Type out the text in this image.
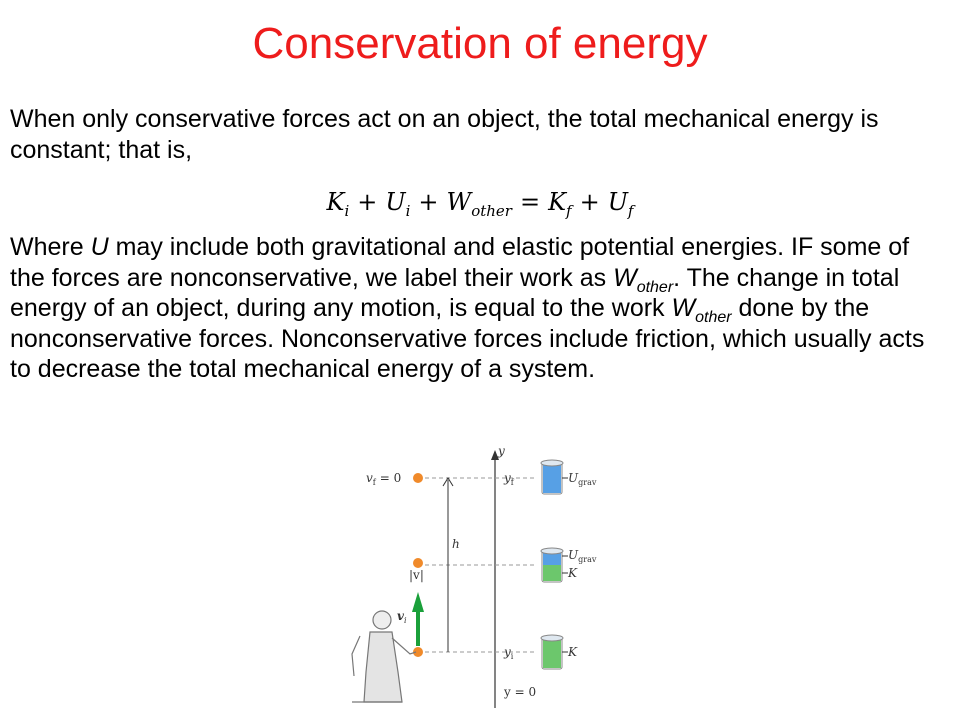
Conservation of energy
When only conservative forces act on an object, the total mechanical energy is constant; that is,
$K_i + U_i + W_{other} = K_f + U_f$
Where U may include both gravitational and elastic potential energies. IF some of the forces are nonconservative, we label their work as $W_{other}$. The change in total energy of an object, during any motion, is equal to the work $W_{other}$ done by the nonconservative forces. Nonconservative forces include friction, which usually acts to decrease the total mechanical energy of a system.
y
h
$v_f = 0$
|v|
$v_i$
$y_f$
$y_i$
y = 0
$U_{grav}$
$U_{grav}$
K
K
